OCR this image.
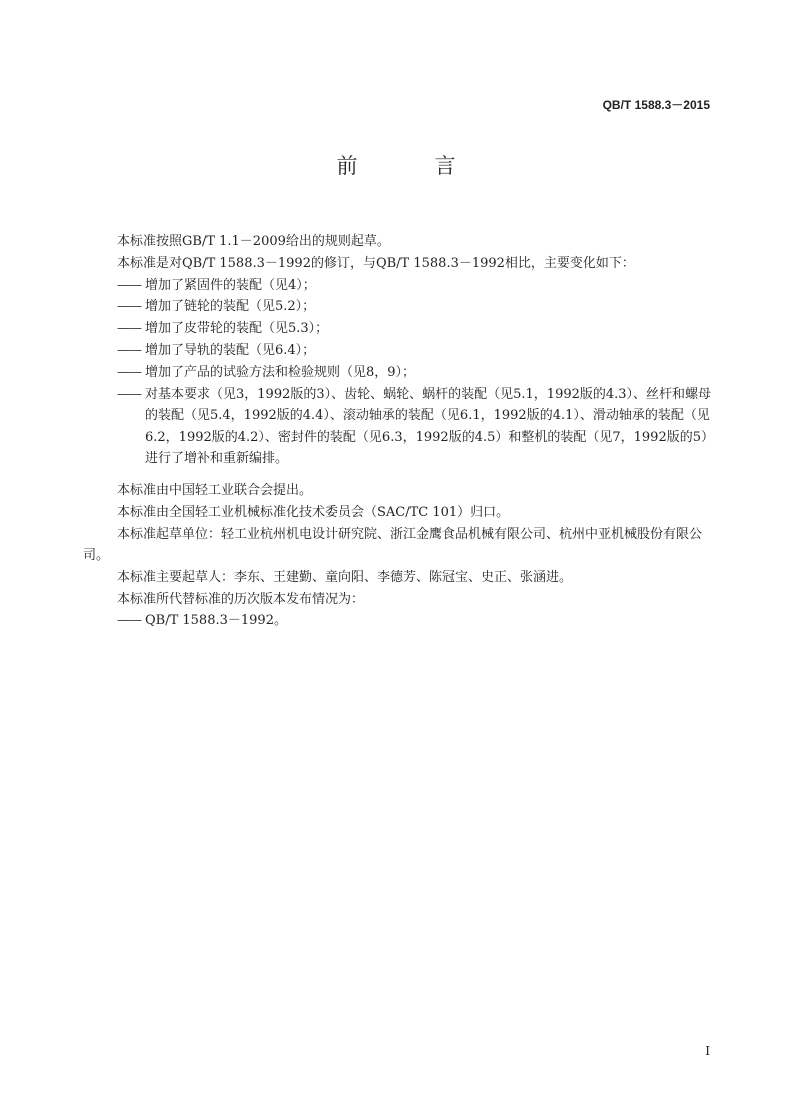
QB/T 1588.3－2015
前　言
本标准按照GB/T 1.1－2009给出的规则起草。
本标准是对QB/T 1588.3－1992的修订，与QB/T 1588.3－1992相比，主要变化如下：
—— 增加了紧固件的装配（见4）；
—— 增加了链轮的装配（见5.2）；
—— 增加了皮带轮的装配（见5.3）；
—— 增加了导轨的装配（见6.4）；
—— 增加了产品的试验方法和检验规则（见8，9）；
—— 对基本要求（见3，1992版的3）、齿轮、蜗轮、蜗杆的装配（见5.1，1992版的4.3）、丝杆和螺母的装配（见5.4，1992版的4.4）、滚动轴承的装配（见6.1，1992版的4.1）、滑动轴承的装配（见6.2，1992版的4.2）、密封件的装配（见6.3，1992版的4.5）和整机的装配（见7，1992版的5）进行了增补和重新编排。
本标准由中国轻工业联合会提出。
本标准由全国轻工业机械标准化技术委员会（SAC/TC 101）归口。
本标准起草单位：轻工业杭州机电设计研究院、浙江金鹰食品机械有限公司、杭州中亚机械股份有限公司。
本标准主要起草人：李东、王建勤、童向阳、李德芳、陈冠宝、史正、张涵进。
本标准所代替标准的历次版本发布情况为：
—— QB/T 1588.3－1992。
I
